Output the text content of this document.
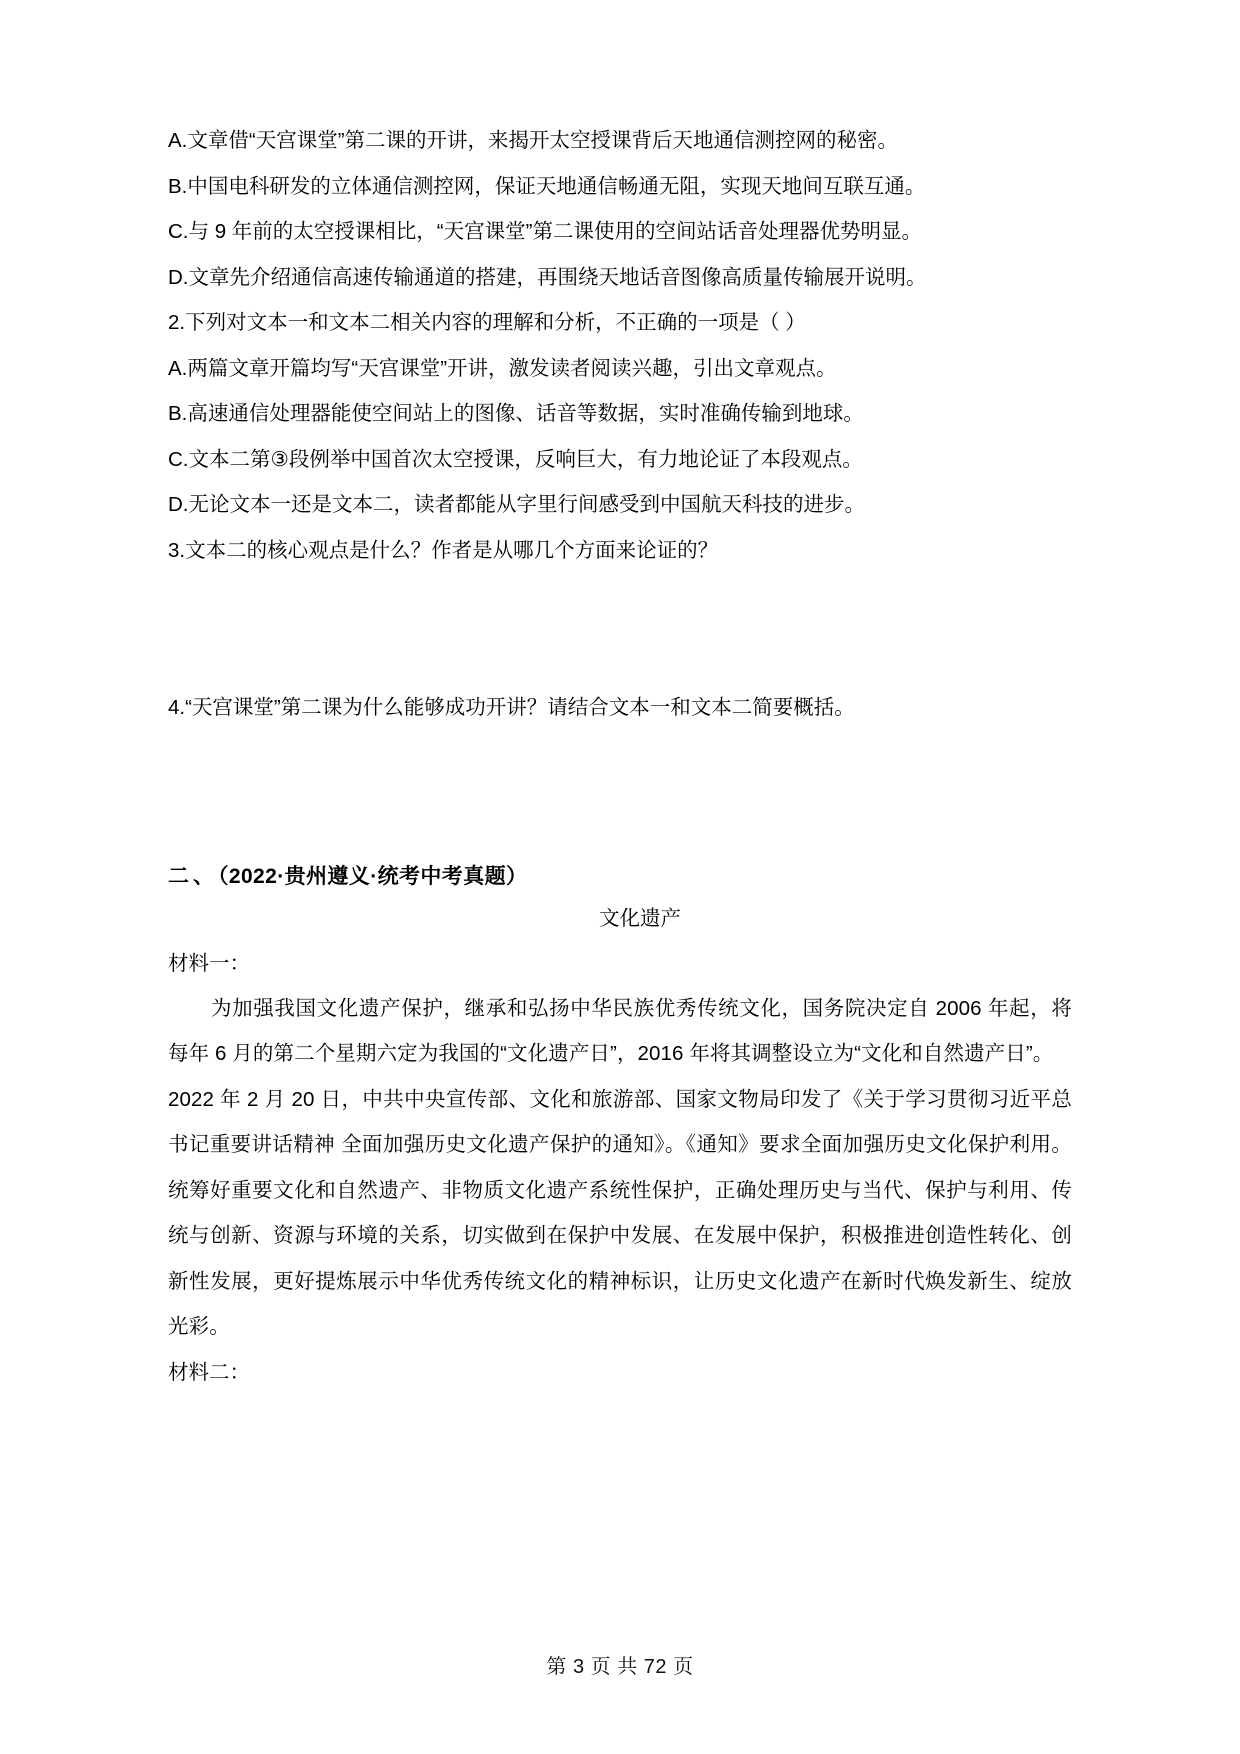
A.文章借“天宫课堂”第二课的开讲，来揭开太空授课背后天地通信测控网的秘密。
B.中国电科研发的立体通信测控网，保证天地通信畅通无阻，实现天地间互联互通。
C.与 9 年前的太空授课相比，“天宫课堂”第二课使用的空间站话音处理器优势明显。
D.文章先介绍通信高速传输通道的搭建，再围绕天地话音图像高质量传输展开说明。
2.下列对文本一和文本二相关内容的理解和分析，不正确的一项是（ ）
A.两篇文章开篇均写“天宫课堂”开讲，激发读者阅读兴趣，引出文章观点。
B.高速通信处理器能使空间站上的图像、话音等数据，实时准确传输到地球。
C.文本二第③段例举中国首次太空授课，反响巨大，有力地论证了本段观点。
D.无论文本一还是文本二，读者都能从字里行间感受到中国航天科技的进步。
3.文本二的核心观点是什么？作者是从哪几个方面来论证的？
4.“天宫课堂”第二课为什么能够成功开讲？请结合文本一和文本二简要概括。
二、（2022·贵州遵义·统考中考真题）
文化遗产
材料一：
为加强我国文化遗产保护，继承和弘扬中华民族优秀传统文化，国务院决定自 2006 年起，将每年 6 月的第二个星期六定为我国的“文化遗产日”，2016 年将其调整设立为“文化和自然遗产日”。
2022 年 2 月 20 日，中共中央宣传部、文化和旅游部、国家文物局印发了《关于学习贯彻习近平总书记重要讲话精神 全面加强历史文化遗产保护的通知》。《通知》要求全面加强历史文化保护利用。统筹好重要文化和自然遗产、非物质文化遗产系统性保护，正确处理历史与当代、保护与利用、传统与创新、资源与环境的关系，切实做到在保护中发展、在发展中保护，积极推进创造性转化、创新性发展，更好提炼展示中华优秀传统文化的精神标识，让历史文化遗产在新时代焕发新生、绽放光彩。
材料二：
第 3 页 共 72 页
